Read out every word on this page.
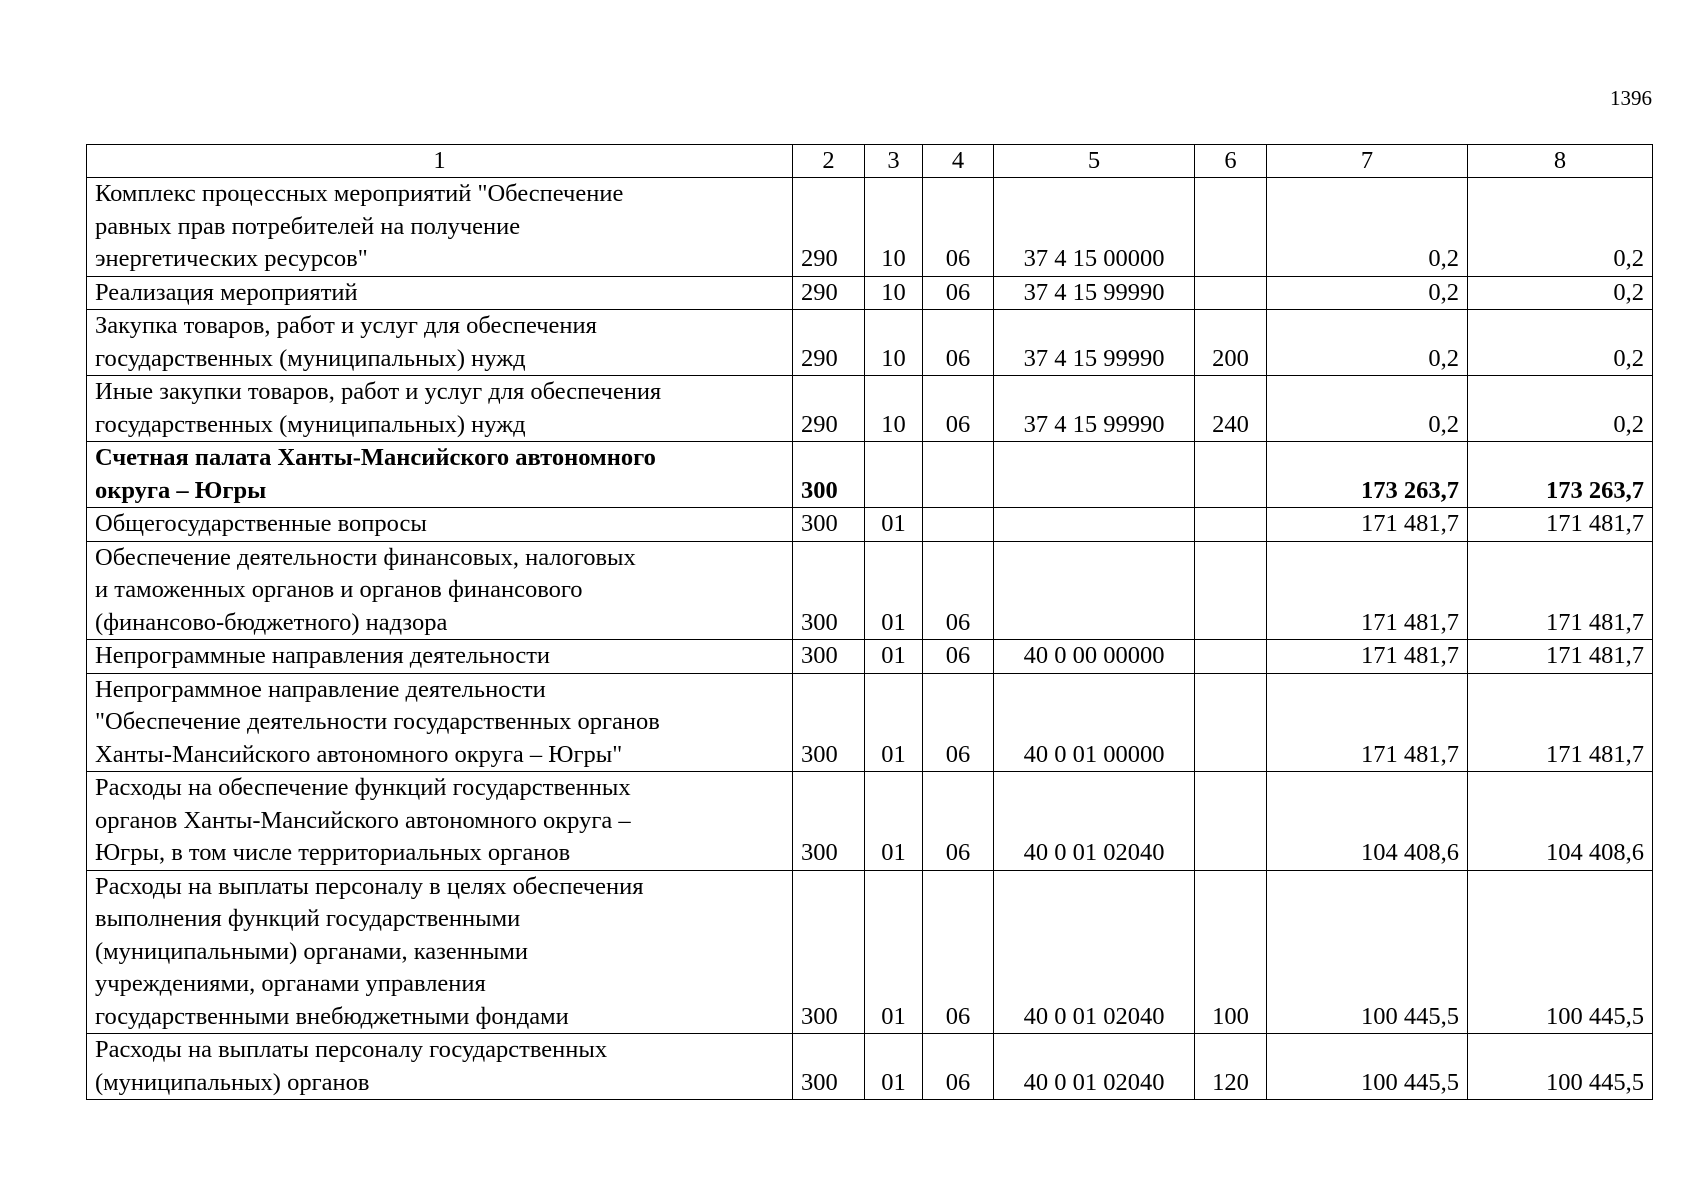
1396
1	2	3	4	5	6	7	8

Комплекс процессных мероприятий "Обеспечение
равных прав потребителей на получение
энергетических ресурсов"	290	10	06	37 4 15 00000		0,2	0,2

Реализация мероприятий	290	10	06	37 4 15 99990		0,2	0,2

Закупка товаров, работ и услуг для обеспечения
государственных (муниципальных) нужд	290	10	06	37 4 15 99990	200	0,2	0,2

Иные закупки товаров, работ и услуг для обеспечения
государственных (муниципальных) нужд	290	10	06	37 4 15 99990	240	0,2	0,2

Счетная палата Ханты-Мансийского автономного
округа – Югры	300					173 263,7	173 263,7

Общегосударственные вопросы	300	01				171 481,7	171 481,7

Обеспечение деятельности финансовых, налоговых
и таможенных органов и органов финансового
(финансово-бюджетного) надзора	300	01	06			171 481,7	171 481,7

Непрограммные направления деятельности	300	01	06	40 0 00 00000		171 481,7	171 481,7

Непрограммное направление деятельности
"Обеспечение деятельности государственных органов
Ханты-Мансийского автономного округа – Югры"	300	01	06	40 0 01 00000		171 481,7	171 481,7

Расходы на обеспечение функций государственных
органов Ханты-Мансийского автономного округа –
Югры, в том числе территориальных органов	300	01	06	40 0 01 02040		104 408,6	104 408,6

Расходы на выплаты персоналу в целях обеспечения
выполнения функций государственными
(муниципальными) органами, казенными
учреждениями, органами управления
государственными внебюджетными фондами	300	01	06	40 0 01 02040	100	100 445,5	100 445,5

Расходы на выплаты персоналу государственных
(муниципальных) органов	300	01	06	40 0 01 02040	120	100 445,5	100 445,5
